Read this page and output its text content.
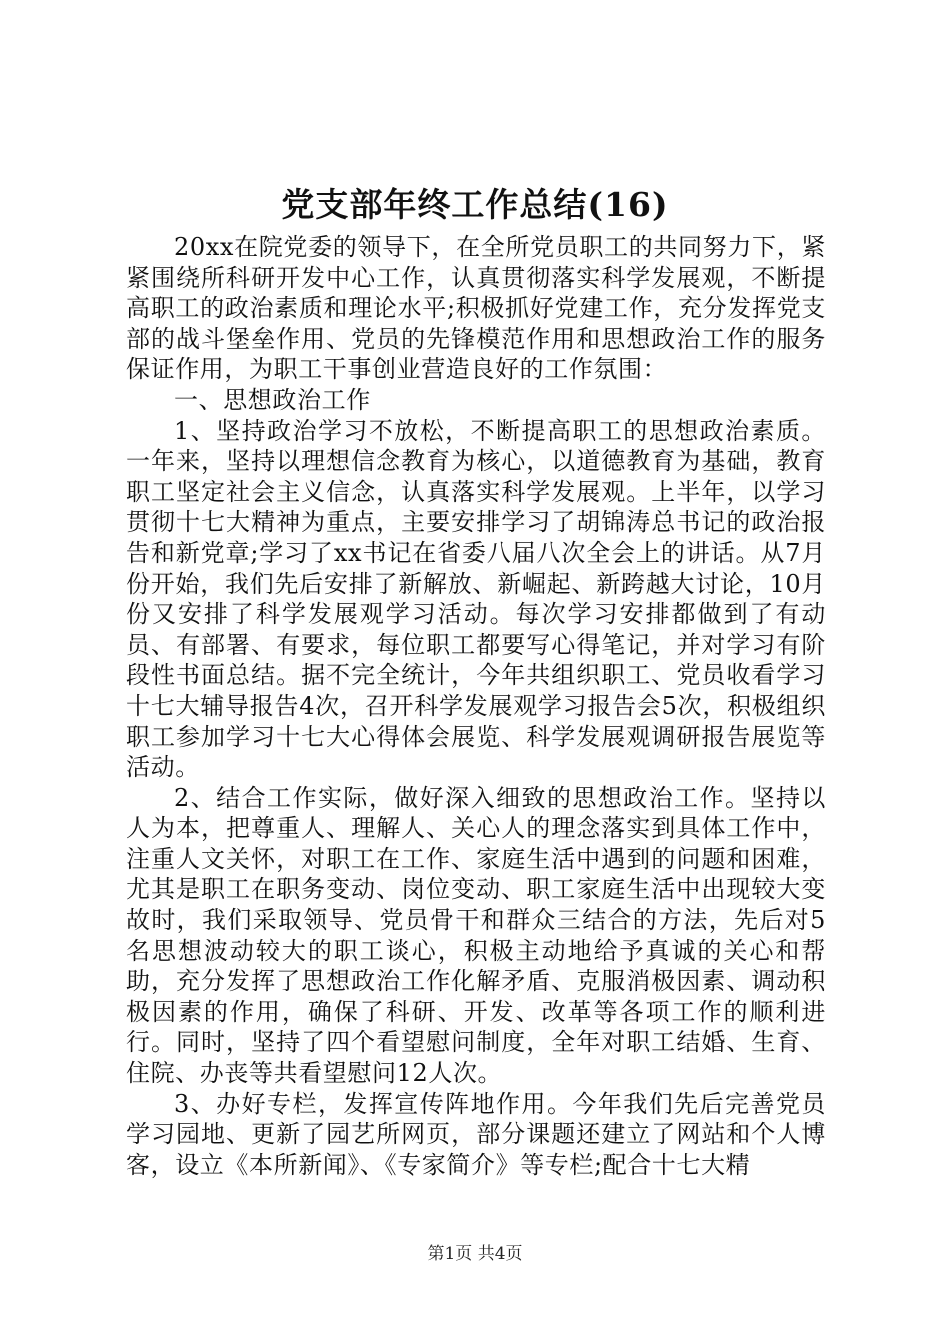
党支部年终工作总结(16)

20xx在院党委的领导下，在全所党员职工的共同努力下，紧紧围绕所科研开发中心工作，认真贯彻落实科学发展观，不断提高职工的政治素质和理论水平;积极抓好党建工作，充分发挥党支部的战斗堡垒作用、党员的先锋模范作用和思想政治工作的服务保证作用，为职工干事创业营造良好的工作氛围：

一、思想政治工作

1、坚持政治学习不放松，不断提高职工的思想政治素质。一年来，坚持以理想信念教育为核心，以道德教育为基础，教育职工坚定社会主义信念，认真落实科学发展观。上半年，以学习贯彻十七大精神为重点，主要安排学习了胡锦涛总书记的政治报告和新党章;学习了xx书记在省委八届八次全会上的讲话。从7月份开始，我们先后安排了新解放、新崛起、新跨越大讨论，10月份又安排了科学发展观学习活动。每次学习安排都做到了有动员、有部署、有要求，每位职工都要写心得笔记，并对学习有阶段性书面总结。据不完全统计，今年共组织职工、党员收看学习十七大辅导报告4次，召开科学发展观学习报告会5次，积极组织职工参加学习十七大心得体会展览、科学发展观调研报告展览等活动。

2、结合工作实际，做好深入细致的思想政治工作。坚持以人为本，把尊重人、理解人、关心人的理念落实到具体工作中，注重人文关怀，对职工在工作、家庭生活中遇到的问题和困难，尤其是职工在职务变动、岗位变动、职工家庭生活中出现较大变故时，我们采取领导、党员骨干和群众三结合的方法，先后对5名思想波动较大的职工谈心，积极主动地给予真诚的关心和帮助，充分发挥了思想政治工作化解矛盾、克服消极因素、调动积极因素的作用，确保了科研、开发、改革等各项工作的顺利进行。同时，坚持了四个看望慰问制度，全年对职工结婚、生育、住院、办丧等共看望慰问12人次。

3、办好专栏，发挥宣传阵地作用。今年我们先后完善党员学习园地、更新了园艺所网页，部分课题还建立了网站和个人博客，设立《本所新闻》、《专家简介》等专栏;配合十七大精

第1页 共4页
